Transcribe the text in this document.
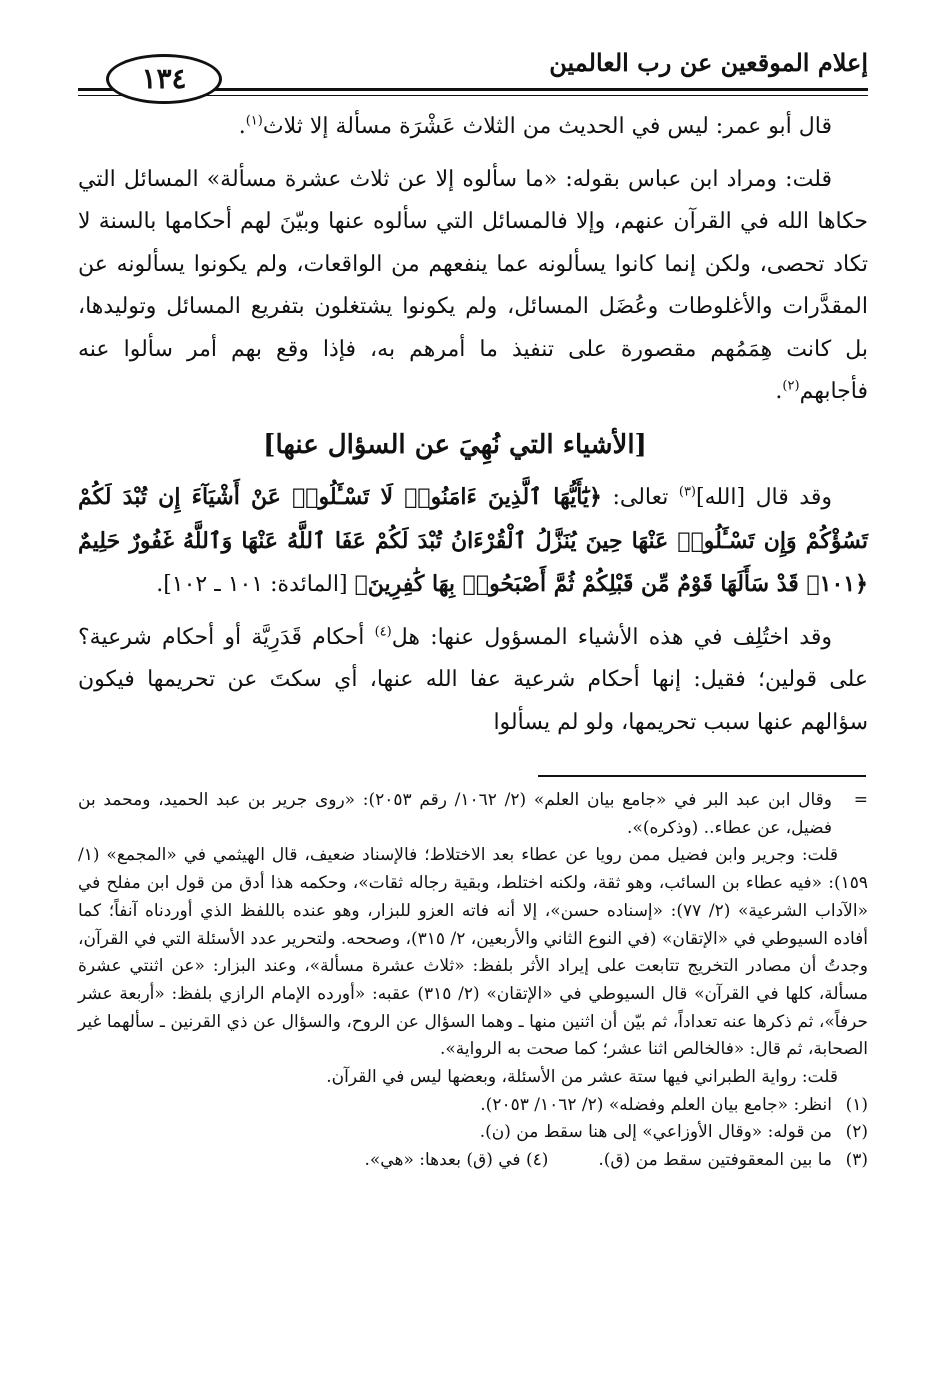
إعلام الموقعين عن رب العالمين
١٣٤

قال أبو عمر: ليس في الحديث من الثلاث عَشْرَة مسألة إلا ثلاث$^{(١)}$.

قلت: ومراد ابن عباس بقوله: «ما سألوه إلا عن ثلاث عشرة مسألة» المسائل التي حكاها الله في القرآن عنهم، وإلا فالمسائل التي سألوه عنها وبيّنَ لهم أحكامها بالسنة لا تكاد تحصى، ولكن إنما كانوا يسألونه عما ينفعهم من الواقعات، ولم يكونوا يسألونه عن المقدَّرات والأغلوطات وعُضَل المسائل، ولم يكونوا يشتغلون بتفريع المسائل وتوليدها، بل كانت هِمَمُهم مقصورة على تنفيذ ما أمرهم به، فإذا وقع بهم أمر سألوا عنه فأجابهم$^{(٢)}$.

[الأشياء التي نُهِيَ عن السؤال عنها]

وقد قال [الله]$^{(٣)}$ تعالى: ﴿يَٰٓأَيُّهَا ٱلَّذِينَ ءَامَنُوا۟ لَا تَسْـَٔلُوا۟ عَنْ أَشْيَآءَ إِن تُبْدَ لَكُمْ تَسُؤْكُمْ وَإِن تَسْـَٔلُوا۟ عَنْهَا حِينَ يُنَزَّلُ ٱلْقُرْءَانُ تُبْدَ لَكُمْ عَفَا ٱللَّهُ عَنْهَا وَٱللَّهُ غَفُورٌ حَلِيمٌ ﴿١٠١﴾ قَدْ سَأَلَهَا قَوْمٌ مِّن قَبْلِكُمْ ثُمَّ أَصْبَحُوا۟ بِهَا كَٰفِرِينَ﴾ [المائدة: ١٠١ ـ ١٠٢].

وقد اختُلِف في هذه الأشياء المسؤول عنها: هل$^{(٤)}$ أحكام قَدَرِيَّة أو أحكام شرعية؟ على قولين؛ فقيل: إنها أحكام شرعية عفا الله عنها، أي سكتَ عن تحريمها فيكون سؤالهم عنها سبب تحريمها، ولو لم يسألوا

=
وقال ابن عبد البر في «جامع بيان العلم» (٢/ ١٠٦٢/ رقم ٢٠٥٣): «روى جرير بن عبد الحميد، ومحمد بن فضيل، عن عطاء.. (وذكره)».

قلت: وجرير وابن فضيل ممن رويا عن عطاء بعد الاختلاط؛ فالإسناد ضعيف، قال الهيثمي في «المجمع» (١/ ١٥٩): «فيه عطاء بن السائب، وهو ثقة، ولكنه اختلط، وبقية رجاله ثقات»، وحكمه هذا أدق من قول ابن مفلح في «الآداب الشرعية» (٢/ ٧٧): «إسناده حسن»، إلا أنه فاته العزو للبزار، وهو عنده باللفظ الذي أوردناه آنفاً؛ كما أفاده السيوطي في «الإتقان» (في النوع الثاني والأربعين، ٢/ ٣١٥)، وصححه. ولتحرير عدد الأسئلة التي في القرآن، وجدتُ أن مصادر التخريج تتابعت على إيراد الأثر بلفظ: «ثلاث عشرة مسألة»، وعند البزار: «عن اثنتي عشرة مسألة، كلها في القرآن» قال السيوطي في «الإتقان» (٢/ ٣١٥) عقبه: «أورده الإمام الرازي بلفظ: «أربعة عشر حرفاً»، ثم ذكرها عنه تعداداً، ثم بيّن أن اثنين منها ـ وهما السؤال عن الروح، والسؤال عن ذي القرنين ـ سألهما غير الصحابة، ثم قال: «فالخالص اثنا عشر؛ كما صحت به الرواية».

قلت: رواية الطبراني فيها ستة عشر من الأسئلة، وبعضها ليس في القرآن.

(١)
انظر: «جامع بيان العلم وفضله» (٢/ ١٠٦٢/ ٢٠٥٣).

(٢)
من قوله: «وقال الأوزاعي» إلى هنا سقط من (ن).

(٣)
ما بين المعقوفتين سقط من (ق).(٤) في (ق) بعدها: «هي».
